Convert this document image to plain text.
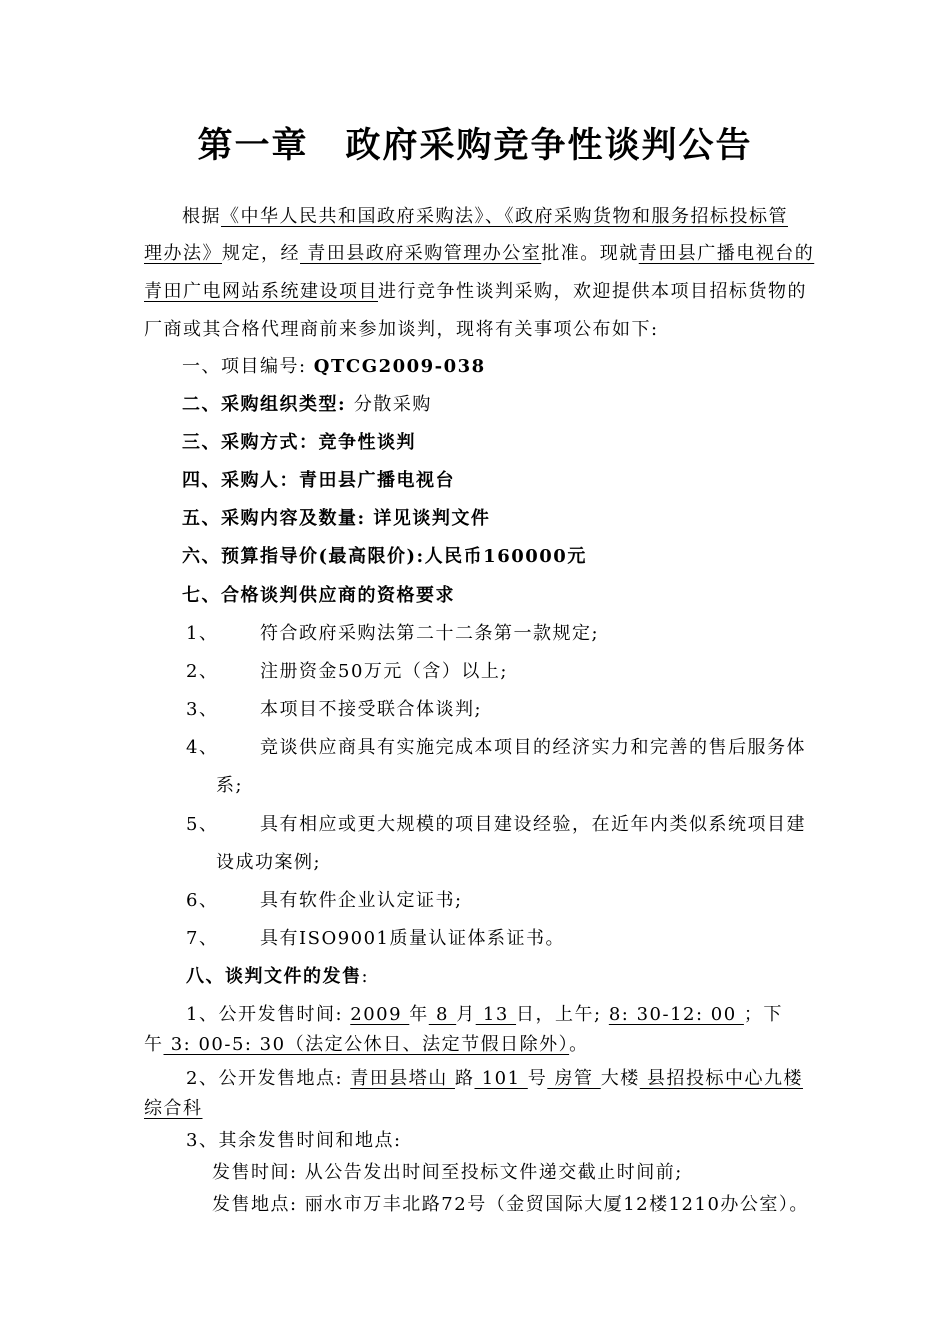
第一章　政府采购竞争性谈判公告
根据《中华人民共和国政府采购法》、《政府采购货物和服务招标投标管
理办法》规定，经 青田县政府采购管理办公室批准。现就青田县广播电视台的
青田广电网站系统建设项目进行竞争性谈判采购，欢迎提供本项目招标货物的
厂商或其合格代理商前来参加谈判，现将有关事项公布如下:
一、项目编号: QTCG2009-038
二、采购组织类型: 分散采购
三、采购方式：竞争性谈判
四、采购人：青田县广播电视台
五、采购内容及数量: 详见谈判文件
六、预算指导价(最高限价):人民币160000元
七、合格谈判供应商的资格要求
1、 符合政府采购法第二十二条第一款规定;
2、 注册资金50万元（含）以上;
3、 本项目不接受联合体谈判;
4、 竞谈供应商具有实施完成本项目的经济实力和完善的售后服务体
系;
5、 具有相应或更大规模的项目建设经验，在近年内类似系统项目建
设成功案例;
6、 具有软件企业认定证书;
7、 具有ISO9001质量认证体系证书。
八、谈判文件的发售:
1、公开发售时间: 2009 年 8 月 13 日，上午; 8: 30-12: 00 ；下
午 3: 00-5: 30（法定公休日、法定节假日除外）。
2、公开发售地点: 青田县塔山 路 101 号 房管 大楼 县招投标中心九楼
综合科
3、其余发售时间和地点:
发售时间: 从公告发出时间至投标文件递交截止时间前;
发售地点: 丽水市万丰北路72号（金贸国际大厦12楼1210办公室）。
